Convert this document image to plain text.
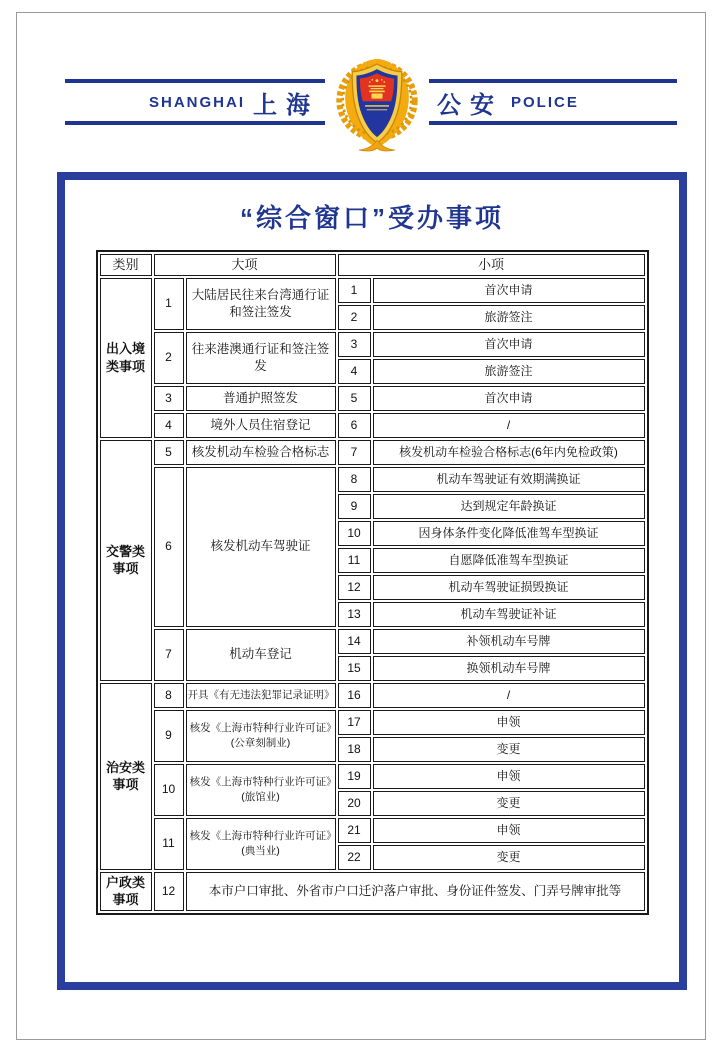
SHANGHAI 上海	公安 POLICE
“综合窗口”受办事项
类别	大项		小项	
出入境类事项	1	大陆居民往来台湾通行证和签注签发	1	首次申请
			2	旅游签注
	2	往来港澳通行证和签注签发	3	首次申请
			4	旅游签注
	3	普通护照签发	5	首次申请
	4	境外人员住宿登记	6	/
交警类事项	5	核发机动车检验合格标志	7	核发机动车检验合格标志(6年内免检政策)
	6	核发机动车驾驶证	8	机动车驾驶证有效期满换证
			9	达到规定年龄换证
			10	因身体条件变化降低准驾车型换证
			11	自愿降低准驾车型换证
			12	机动车驾驶证损毁换证
			13	机动车驾驶证补证
	7	机动车登记	14	补领机动车号牌
			15	换领机动车号牌
治安类事项	8	开具《有无违法犯罪记录证明》	16	/
	9	核发《上海市特种行业许可证》(公章刻制业)	17	申领
			18	变更
	10	核发《上海市特种行业许可证》(旅馆业)	19	申领
			20	变更
	11	核发《上海市特种行业许可证》(典当业)	21	申领
			22	变更
户政类事项	12	本市户口审批、外省市户口迁沪落户审批、身份证件签发、门弄号牌审批等		
